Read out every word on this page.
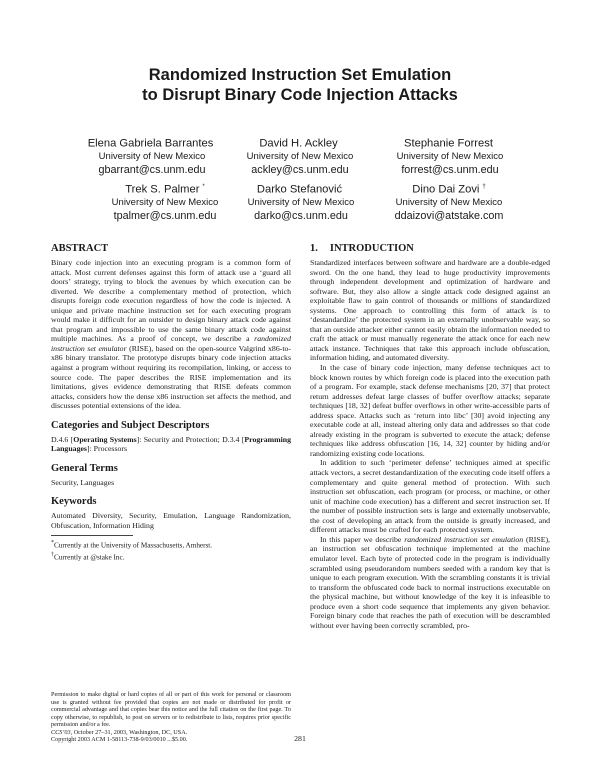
Randomized Instruction Set Emulation
to Disrupt Binary Code Injection Attacks
Elena Gabriela Barrantes
University of New Mexico
gbarrant@cs.unm.edu
David H. Ackley
University of New Mexico
ackley@cs.unm.edu
Stephanie Forrest
University of New Mexico
forrest@cs.unm.edu
Trek S. Palmer *
University of New Mexico
tpalmer@cs.unm.edu
Darko Stefanović
University of New Mexico
darko@cs.unm.edu
Dino Dai Zovi †
University of New Mexico
ddaizovi@atstake.com
ABSTRACT

Binary code injection into an executing program is a common form of attack. Most current defenses against this form of attack use a ‘guard all doors’ strategy, trying to block the avenues by which execution can be diverted. We describe a complementary method of protection, which disrupts foreign code execution regardless of how the code is injected. A unique and private machine instruction set for each executing program would make it difficult for an outsider to design binary attack code against that program and impossible to use the same binary attack code against multiple machines. As a proof of concept, we describe a randomized instruction set emulator (RISE), based on the open-source Valgrind x86-to-x86 binary translator. The prototype disrupts binary code injection attacks against a program without requiring its recompilation, linking, or access to source code. The paper describes the RISE implementation and its limitations, gives evidence demonstrating that RISE defeats common attacks, considers how the dense x86 instruction set affects the method, and discusses potential extensions of the idea.

Categories and Subject Descriptors

D.4.6 [Operating Systems]: Security and Protection; D.3.4 [Programming Languages]: Processors

General Terms

Security, Languages

Keywords

Automated Diversity, Security, Emulation, Language Randomization, Obfuscation, Information Hiding

*Currently at the University of Massachusetts, Amherst.

†Currently at @stake Inc.

Permission to make digital or hard copies of all or part of this work for personal or classroom use is granted without fee provided that copies are not made or distributed for profit or commercial advantage and that copies bear this notice and the full citation on the first page. To copy otherwise, to republish, to post on servers or to redistribute to lists, requires prior specific permission and/or a fee.

CCS’03, October 27–31, 2003, Washington, DC, USA.

Copyright 2003 ACM 1-58113-738-9/03/0010 ...$5.00.

1. INTRODUCTION

Standardized interfaces between software and hardware are a double-edged sword. On the one hand, they lead to huge productivity improvements through independent development and optimization of hardware and software. But, they also allow a single attack code designed against an exploitable flaw to gain control of thousands or millions of standardized systems. One approach to controlling this form of attack is to ‘destandardize’ the protected system in an externally unobservable way, so that an outside attacker either cannot easily obtain the information needed to craft the attack or must manually regenerate the attack once for each new attack instance. Techniques that take this approach include obfuscation, information hiding, and automated diversity.

In the case of binary code injection, many defense techniques act to block known routes by which foreign code is placed into the execution path of a program. For example, stack defense mechanisms [20, 37] that protect return addresses defeat large classes of buffer overflow attacks; separate techniques [18, 32] defeat buffer overflows in other write-accessible parts of address space. Attacks such as ‘return into libc’ [30] avoid injecting any executable code at all, instead altering only data and addresses so that code already existing in the program is subverted to execute the attack; defense techniques like address obfuscation [16, 14, 32] counter by hiding and/or randomizing existing code locations.

In addition to such ‘perimeter defense’ techniques aimed at specific attack vectors, a secret destandardization of the executing code itself offers a complementary and quite general method of protection. With such instruction set obfuscation, each program (or process, or machine, or other unit of machine code execution) has a different and secret instruction set. If the number of possible instruction sets is large and externally unobservable, the cost of developing an attack from the outside is greatly increased, and different attacks must be crafted for each protected system.

In this paper we describe randomized instruction set emulation (RISE), an instruction set obfuscation technique implemented at the machine emulator level. Each byte of protected code in the program is individually scrambled using pseudorandom numbers seeded with a random key that is unique to each program execution. With the scrambling constants it is trivial to transform the obfuscated code back to normal instructions executable on the physical machine, but without knowledge of the key it is infeasible to produce even a short code sequence that implements any given behavior. Foreign binary code that reaches the path of execution will be descrambled without ever having been correctly scrambled, pro-

281
